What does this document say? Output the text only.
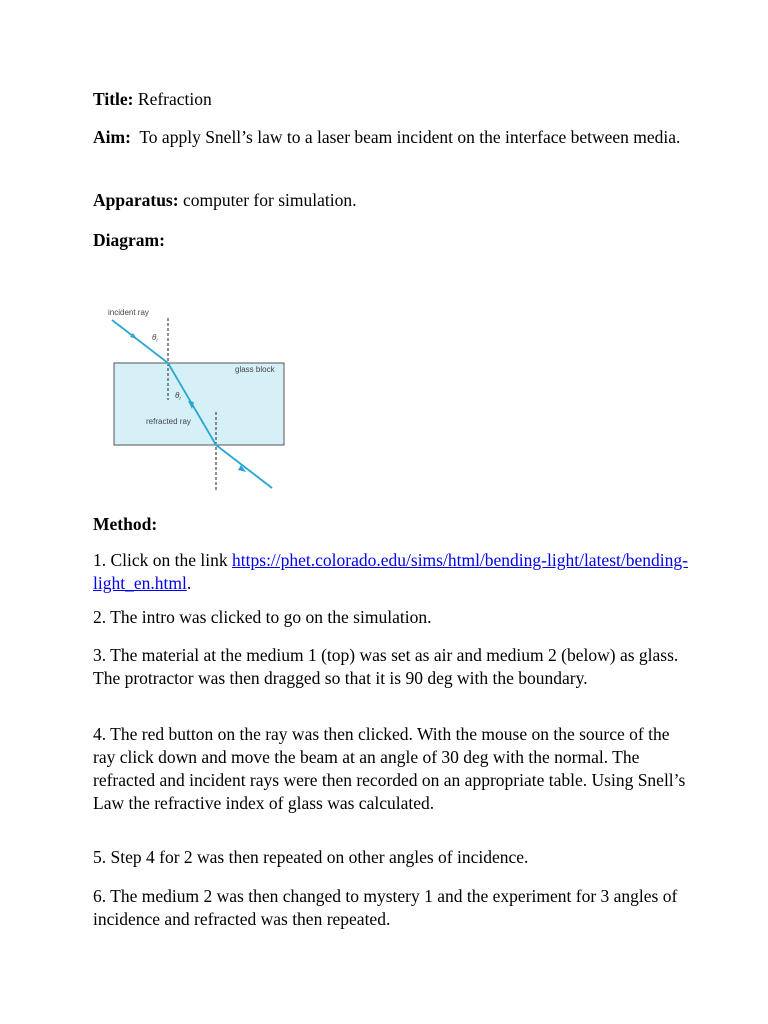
Title: Refraction

Aim: To apply Snell’s law to a laser beam incident on the interface between media.

Apparatus: computer for simulation.

Diagram:

incident ray
$\theta_i$
glass block
$\theta_r$
refracted ray

Method:

1. Click on the link https://phet.colorado.edu/sims/html/bending-light/latest/bending-light_en.html.

2. The intro was clicked to go on the simulation.

3. The material at the medium 1 (top) was set as air and medium 2 (below) as glass. The protractor was then dragged so that it is 90 deg with the boundary.

4. The red button on the ray was then clicked. With the mouse on the source of the ray click down and move the beam at an angle of 30 deg with the normal. The refracted and incident rays were then recorded on an appropriate table. Using Snell’s Law the refractive index of glass was calculated.

5. Step 4 for 2 was then repeated on other angles of incidence.

6. The medium 2 was then changed to mystery 1 and the experiment for 3 angles of incidence and refracted was then repeated.
